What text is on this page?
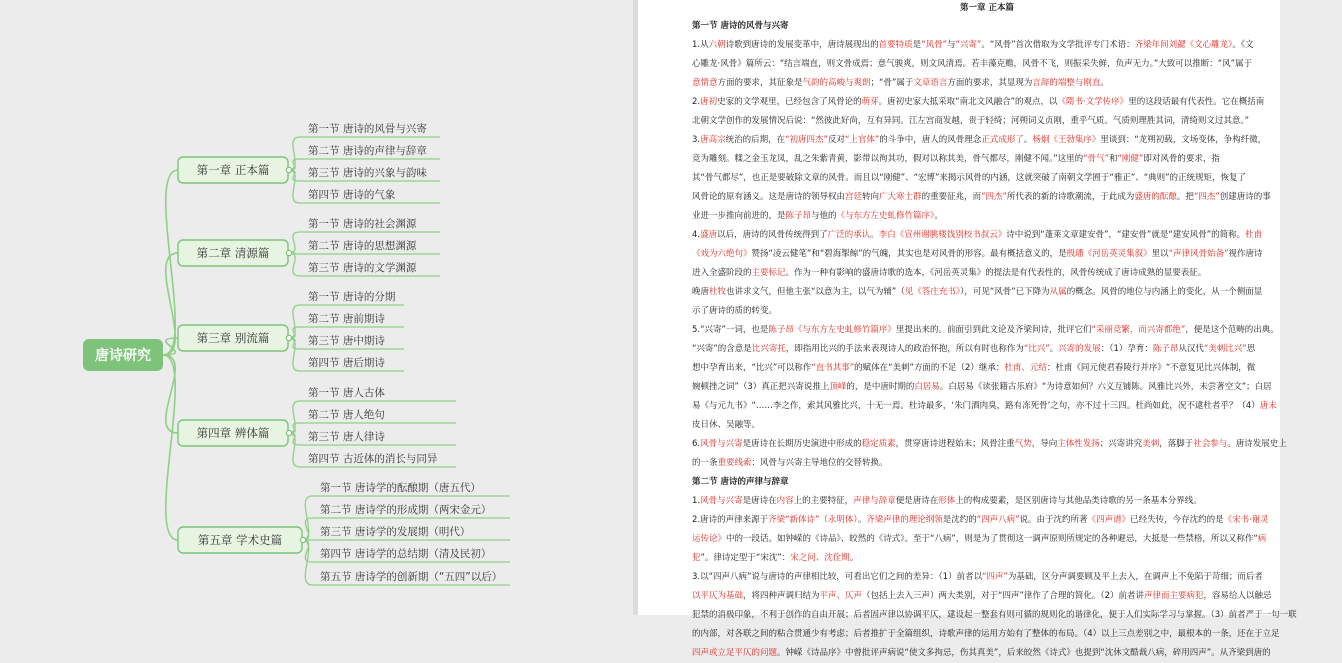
第一节 唐诗的风骨与兴寄
第二节 唐诗的声律与辞章
第三节 唐诗的兴象与韵味
第四节 唐诗的气象
第一章 正本篇
第一节 唐诗的社会渊源
第二节 唐诗的思想渊源
第三节 唐诗的文学渊源
第二章 清源篇
第一节 唐诗的分期
第二节 唐前期诗
第三节 唐中期诗
第四节 唐后期诗
第三章 别流篇
第一节 唐人古体
第二节 唐人绝句
第三节 唐人律诗
第四节 古近体的消长与同异
第四章 辨体篇
第一节 唐诗学的酝酿期（唐五代）
第二节 唐诗学的形成期（两宋金元）
第三节 唐诗学的发展期（明代）
第四节 唐诗学的总结期（清及民初）
第五节 唐诗学的创新期（“五四”以后）
第五章 学术史篇
唐诗研究
第一章 正本篇
第一节 唐诗的风骨与兴寄
1.从六朝诗歌到唐诗的发展变革中，唐诗展现出的首要特质是“风骨”与“兴寄”。“风骨”首次借取为文学批评专门术语：齐梁年间刘勰《文心雕龙》。《文
心雕龙·风骨》篇所云：“结言端直，则文骨成焉；意气骏爽，则文风清焉。若丰藻克赡，风骨不飞，则振采失鲜，负声无力。”大致可以推断：“风”属于
意情意方面的要求，其征象是气韵的高峻与爽朗；“骨”属于文章语言方面的要求，其显现为言辞的端整与刚直。
2.唐初史家的文学观里，已经包含了风骨论的萌芽。唐初史家大抵采取“南北文风融合”的观点，以《隋书·文学传序》里的这段话最有代表性。它在概括南
北朝文学创作的发展情况后说：“然彼此好尚，互有异同。江左宫商发越，贵于轻绮；河朔词义贞刚，重乎气质。气质则理胜其词，清绮则文过其意。”
3.唐高宗统治的后期，在“初唐四杰”反对“上官体”的斗争中，唐人的风骨理念正式成形了。杨炯《王勃集序》里谈到：“龙朔初载，文场变体，争构纤微，
竞为雕刻。糅之金玉龙凤，乱之朱紫青黄，影带以徇其功，假对以称其美，骨气都尽，刚健不闻。”这里的“骨气”和“刚健”即对风骨的要求，指
其“骨气都尽”，也正是要破除文章的风骨。而且以“刚健”、“宏博”来揭示风骨的内涵，这就突破了南朝文学囿于“雅正”、“典则”的正统规矩，恢复了
风骨论的原有涵义。这是唐诗的领导权由宫廷转向广大寒士群的重要征兆，而“四杰”所代表的新的诗歌潮流，于此成为盛唐的酝酿。把“四杰”创建唐诗的事
业进一步推向前进的，是陈子昂与他的《与东方左史虬修竹篇序》。
4.盛唐以后，唐诗的风骨传统得到了广泛的承认。李白《宣州谢朓楼饯别校书叔云》诗中说到“蓬莱文章建安骨”，“建安骨”就是“建安风骨”的简称。杜甫
《戏为六绝句》赞扬“凌云健笔”和“碧海掣鲸”的气魄，其实也是对风骨的形容。最有概括意义的，是殷璠《河岳英灵集叙》里以“声律风骨始备”视作唐诗
进入全盛阶段的主要标记。作为一种有影响的盛唐诗歌的选本，《河岳英灵集》的提法是有代表性的，风骨传统成了唐诗成熟的显要表征。
晚唐杜牧也讲求文气，但他主张“以意为主，以气为辅”（见《答庄充书》），可见“风骨”已下降为从属的概念。风骨的地位与内涵上的变化，从一个侧面显
示了唐诗的质的转变。
5.“兴寄”一词，也是陈子昂《与东方左史虬修竹篇序》里提出来的。前面引到此文论及齐梁间诗，批评它们“采丽竞繁，而兴寄都绝”，便是这个范畴的出典。
“兴寄”的含意是比兴寄托，即指用比兴的手法来表现诗人的政治怀抱，所以有时也称作为“比兴”。兴寄的发展：（1）孕育：陈子昂从汉代“美刺比兴”思
想中孕育出来，“比兴”可以称作“直书其事”的赋体在“美刺”方面的不足（2）继承：杜甫、元结：杜甫《同元使君舂陵行并序》“不意复见比兴体制，微
婉顿挫之词”（3）真正把兴寄说推上顶峰的，是中唐时期的白居易。白居易《读张籍古乐府》“为诗意如何？六义互铺陈。风雅比兴外，未尝著空文”；白居
易《与元九书》“……李之作，索其风雅比兴，十无一焉。杜诗最多，‘朱门酒肉臭，路有冻死骨’之句，亦不过十三四。杜尚如此，况不逮杜者乎？（4）唐末
皮日休、吴融等。
6.风骨与兴寄是唐诗在长期历史演进中形成的稳定质素，贯穿唐诗进程始末；风骨注重气势，导向主体性发扬；兴寄讲究美刺，落脚于社会参与。唐诗发展史上
的一条重要线索：风骨与兴寄主导地位的交替转换。
第二节 唐诗的声律与辞章
1.风骨与兴寄是唐诗在内容上的主要特征，声律与辞章便是唐诗在形体上的构成要素，是区别唐诗与其他品类诗歌的另一条基本分界线。
2.唐诗的声律来源于齐梁“新体诗”（永明体）。齐梁声律的理论纲领是沈约的“四声八病”说。由于沈约所著《四声谱》已经失传，今存沈约的是《宋书·谢灵
运传论》中的一段话。如钟嵘的《诗品》、皎然的《诗式》。至于“八病”，则是为了贯彻这一调声原则所规定的各种避忌，大抵是一些禁格，所以又称作“病
犯”。律诗定型于“宋沈”：宋之问、沈佺期。
3.以“四声八病”说与唐诗的声律相比较，可看出它们之间的差异：（1）前者以“四声”为基础，区分声调要顾及平上去入，在调声上不免陷于苛细；而后者
以平仄为基础，将四种声调归结为平声、仄声（包括上去入三声）两大类别，对于“四声”律作了合理的简化。（2）前者讲声律而主要病犯，容易给人以触忌
犯禁的消极印象，不利于创作的自由开展；后者固声律以协调平仄，建设起一整套有则可循的规则化的谐律化，便于人们实际学习与掌握。（3）前者严于一句一联
的内部，对各联之间的粘合贯通少有考虑；后者推扩于全篇组织，诗歌声律的运用方始有了整体的布局。（4）以上三点差别之中，最根本的一条，还在于立足
四声或立足平仄的问题。钟嵘《诗品序》中曾批评声病说“使文多拘忌，伤其真美”，后来皎然《诗式》也提到“沈休文酷裁八病，碎用四声”。从齐梁到唐的
